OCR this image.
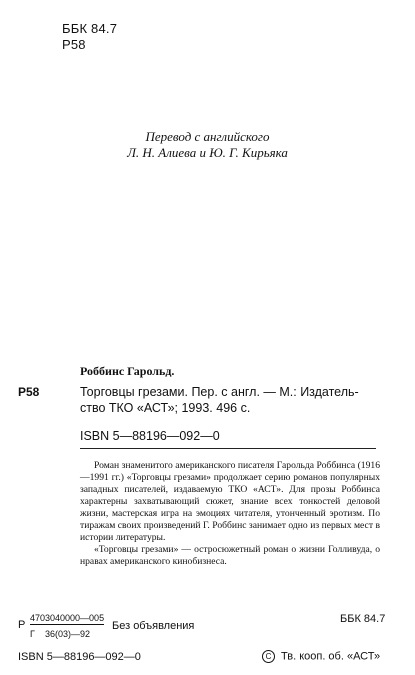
ББК 84.7
Р58
Перевод с английского
Л. Н. Алиева и Ю. Г. Кирьяка
Роббинс Гарольд.
Р58	Торговцы грезами. Пер. с англ. — М.: Издатель-
ство ТКО «АСТ»; 1993. 496 с.
ISBN 5—88196—092—0

Роман знаменитого американского писателя Гарольда Роббинса (1916—1991 гг.) «Торговцы грезами» продолжает серию романов популярных западных писателей, издаваемую ТКО «АСТ». Для прозы Роббинса характерны захватывающий сюжет, знание всех тонкостей деловой жизни, мастерская игра на эмоциях читателя, утонченный эротизм. По тиражам своих произведений Г. Роббинс занимает одно из первых мест в истории литературы.

«Торговцы грезами» — остросюжетный роман о жизни Голливуда, о нравах американского кинобизнеса.

Р
4703040000—005
Г 36(03)—92
Без объявления
ББК 84.7
ISBN 5—88196—092—0	C Тв. кооп. об. «АСТ»
